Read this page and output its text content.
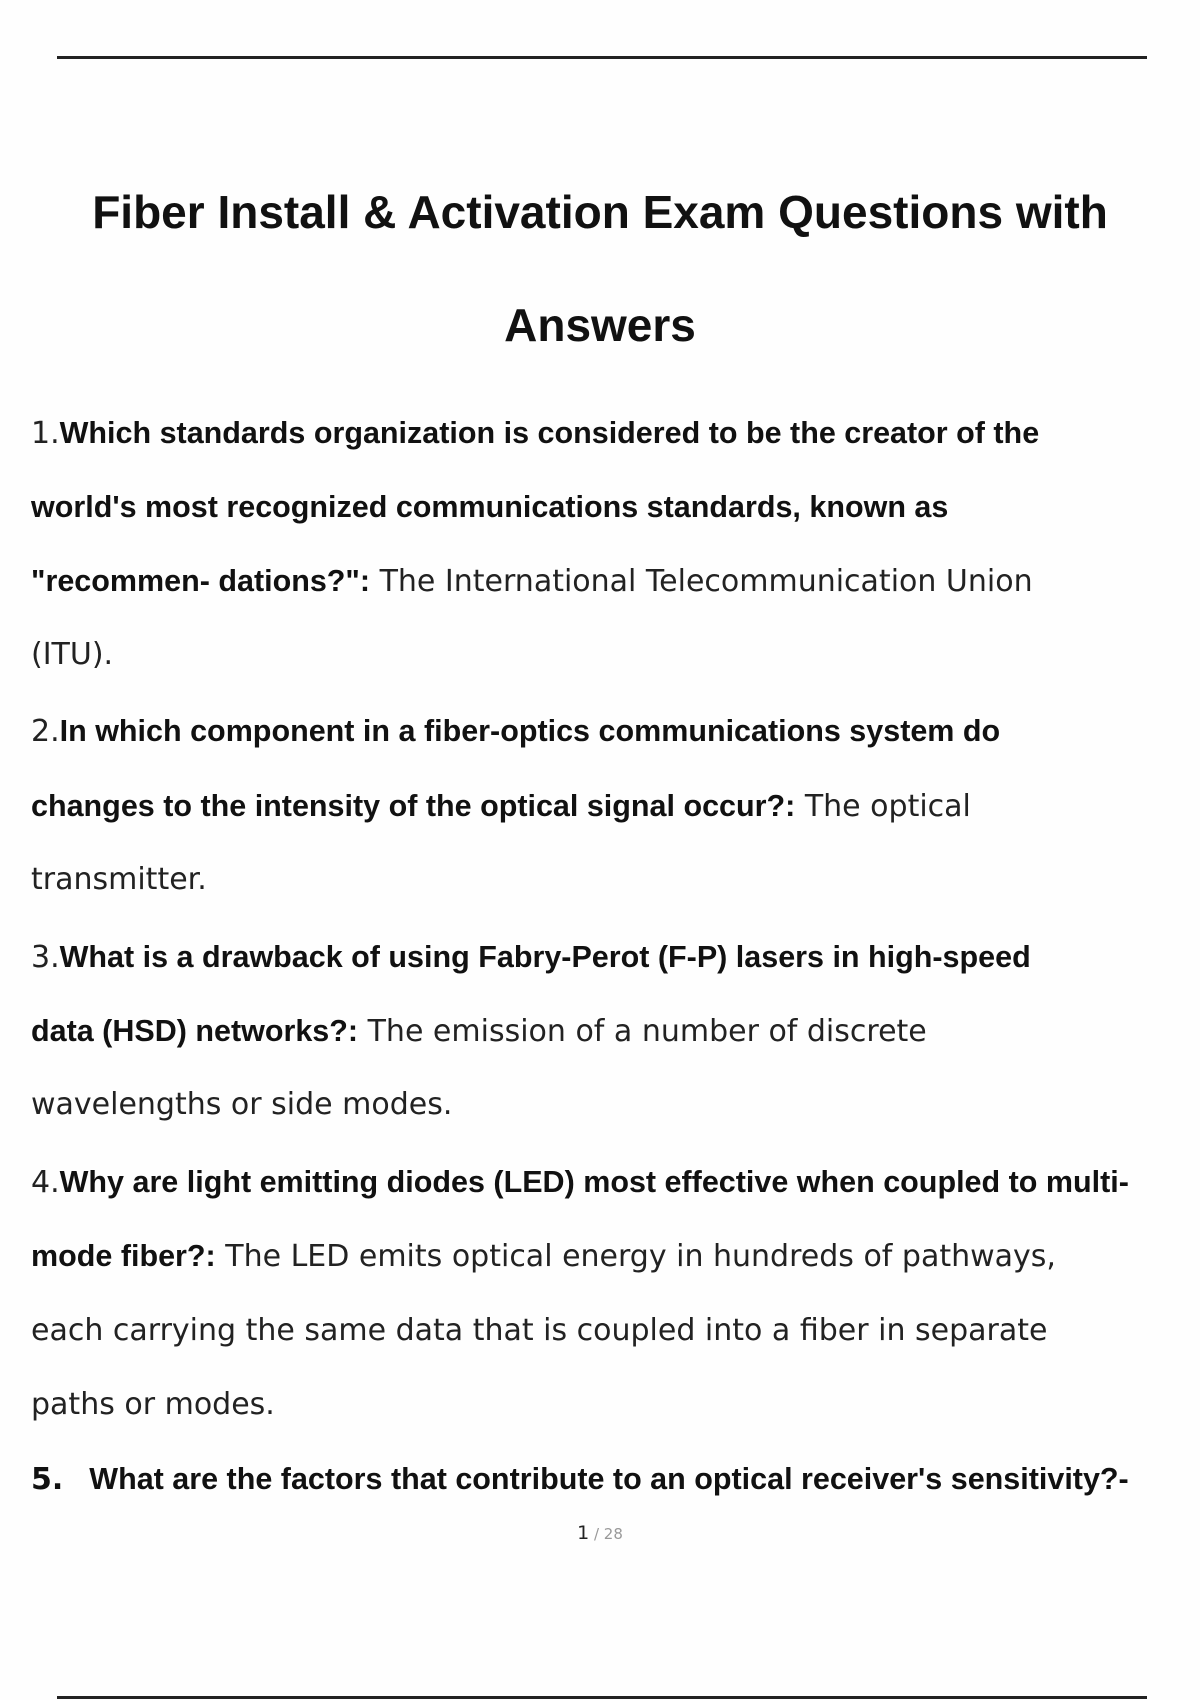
Fiber Install & Activation Exam Questions with
Answers
1.Which standards organization is considered to be the creator of the
world's most recognized communications standards, known as
"recommen- dations?": The International Telecommunication Union
(ITU).
2.In which component in a fiber-optics communications system do
changes to the intensity of the optical signal occur?: The optical
transmitter.
3.What is a drawback of using Fabry-Perot (F-P) lasers in high-speed
data (HSD) networks?: The emission of a number of discrete
wavelengths or side modes.
4.Why are light emitting diodes (LED) most effective when coupled to multi-
mode fiber?: The LED emits optical energy in hundreds of pathways,
each carrying the same data that is coupled into a fiber in separate
paths or modes.
5. What are the factors that contribute to an optical receiver's sensitivity?-
1 / 28
